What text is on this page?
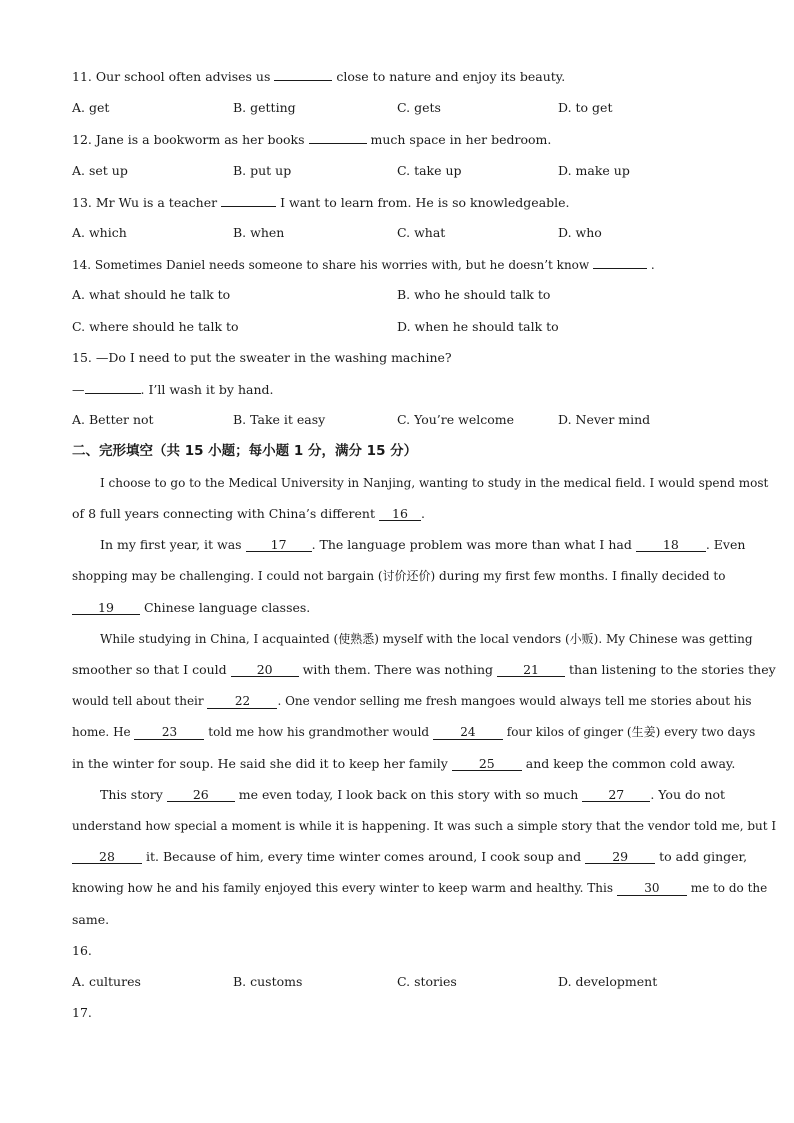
11. Our school often advises us	close to nature and enjoy its beauty.
A. get	B. getting	C. gets	D. to get
12. Jane is a bookworm as her books	much space in her bedroom.
A. set up	B. put up	C. take up	D. make up
13. Mr Wu is a teacher	I want to learn from. He is so knowledgeable.
A. which	B. when	C. what	D. who
14. Sometimes Daniel needs someone to share his worries with, but he doesn’t know	.
A. what should he talk to	B. who he should talk to
C. where should he talk to	D. when he should talk to
15. —Do I need to put the sweater in the washing machine?
—	. I’ll wash it by hand.
A. Better not	B. Take it easy	C. You’re welcome	D. Never mind
二、完形填空（共 15 小题；每小题 1 分，满分 15 分）
I choose to go to the Medical University in Nanjing, wanting to study in the medical field. I would spend most
of 8 full years connecting with China’s different 16 .
In my first year, it was 17 . The language problem was more than what I had 18 . Even
shopping may be challenging. I could not bargain (讨价还价) during my first few months. I finally decided to
19 Chinese language classes.
While studying in China, I acquainted (使熟悉) myself with the local vendors (小贩). My Chinese was getting
smoother so that I could 20 with them. There was nothing 21 than listening to the stories they
would tell about their	22 . One vendor selling me fresh mangoes would always tell me stories about his
home. He	23	told me how his grandmother would	24	four kilos of ginger (生姜) every two days
in the winter for soup. He said she did it to keep her family 25 and keep the common cold away.
This story 26 me even today, I look back on this story with so much 27 . You do not
understand how special a moment is while it is happening. It was such a simple story that the vendor told me, but I
28 it. Because of him, every time winter comes around, I cook soup and 29 to add ginger,
knowing how he and his family enjoyed this every winter to keep warm and healthy. This	30	me to do the
same.
16.
A. cultures	B. customs	C. stories	D. development
17.
